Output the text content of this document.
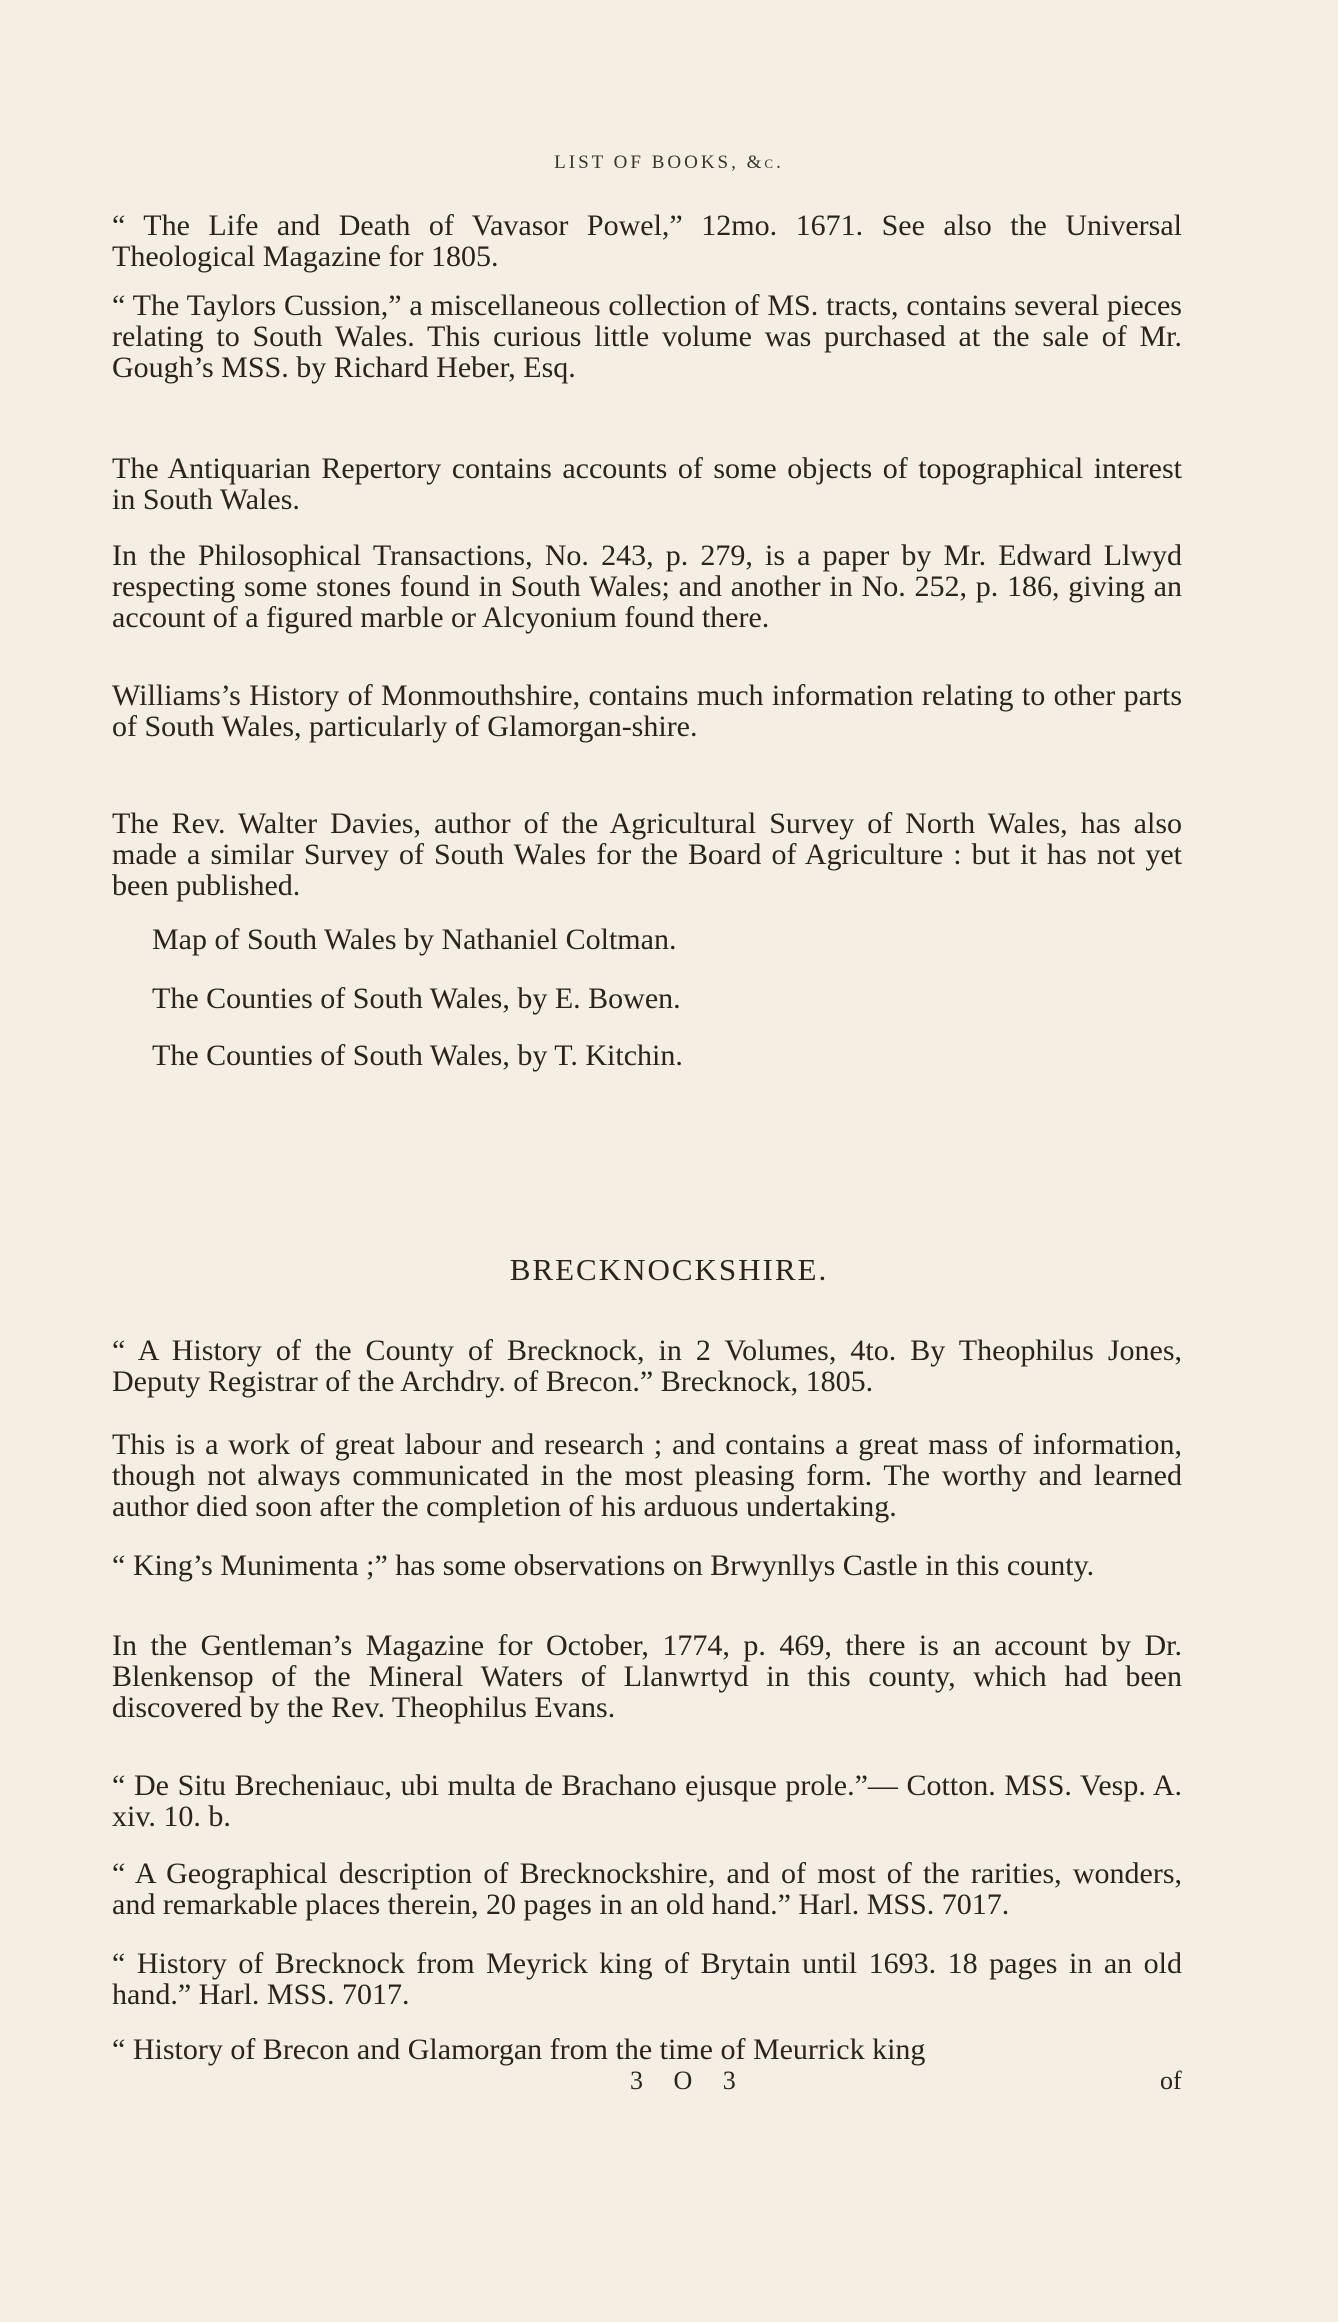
LIST OF BOOKS, &c.
“ The Life and Death of Vavasor Powel,” 12mo. 1671. See also the Universal Theological Magazine for 1805.
“ The Taylors Cussion,” a miscellaneous collection of MS. tracts, contains several pieces relating to South Wales. This curious little volume was purchased at the sale of Mr. Gough’s MSS. by Richard Heber, Esq.
The Antiquarian Repertory contains accounts of some objects of topographical interest in South Wales.
In the Philosophical Transactions, No. 243, p. 279, is a paper by Mr. Edward Llwyd respecting some stones found in South Wales; and another in No. 252, p. 186, giving an account of a figured marble or Alcyonium found there.
Williams’s History of Monmouthshire, contains much information relating to other parts of South Wales, particularly of Glamorgan-shire.
The Rev. Walter Davies, author of the Agricultural Survey of North Wales, has also made a similar Survey of South Wales for the Board of Agriculture : but it has not yet been published.
Map of South Wales by Nathaniel Coltman.
The Counties of South Wales, by E. Bowen.
The Counties of South Wales, by T. Kitchin.
BRECKNOCKSHIRE.
“ A History of the County of Brecknock, in 2 Volumes, 4to. By Theophilus Jones, Deputy Registrar of the Archdry. of Brecon.” Brecknock, 1805.
This is a work of great labour and research ; and contains a great mass of information, though not always communicated in the most pleasing form. The worthy and learned author died soon after the completion of his arduous undertaking.
“ King’s Munimenta ;” has some observations on Brwynllys Castle in this county.
In the Gentleman’s Magazine for October, 1774, p. 469, there is an account by Dr. Blenkensop of the Mineral Waters of Llanwrtyd in this county, which had been discovered by the Rev. Theophilus Evans.
“ De Situ Brecheniauc, ubi multa de Brachano ejusque prole.”— Cotton. MSS. Vesp. A. xiv. 10. b.
“ A Geographical description of Brecknockshire, and of most of the rarities, wonders, and remarkable places therein, 20 pages in an old hand.” Harl. MSS. 7017.
“ History of Brecknock from Meyrick king of Brytain until 1693. 18 pages in an old hand.” Harl. MSS. 7017.
“ History of Brecon and Glamorgan from the time of Meurrick king
3 O 3	of
